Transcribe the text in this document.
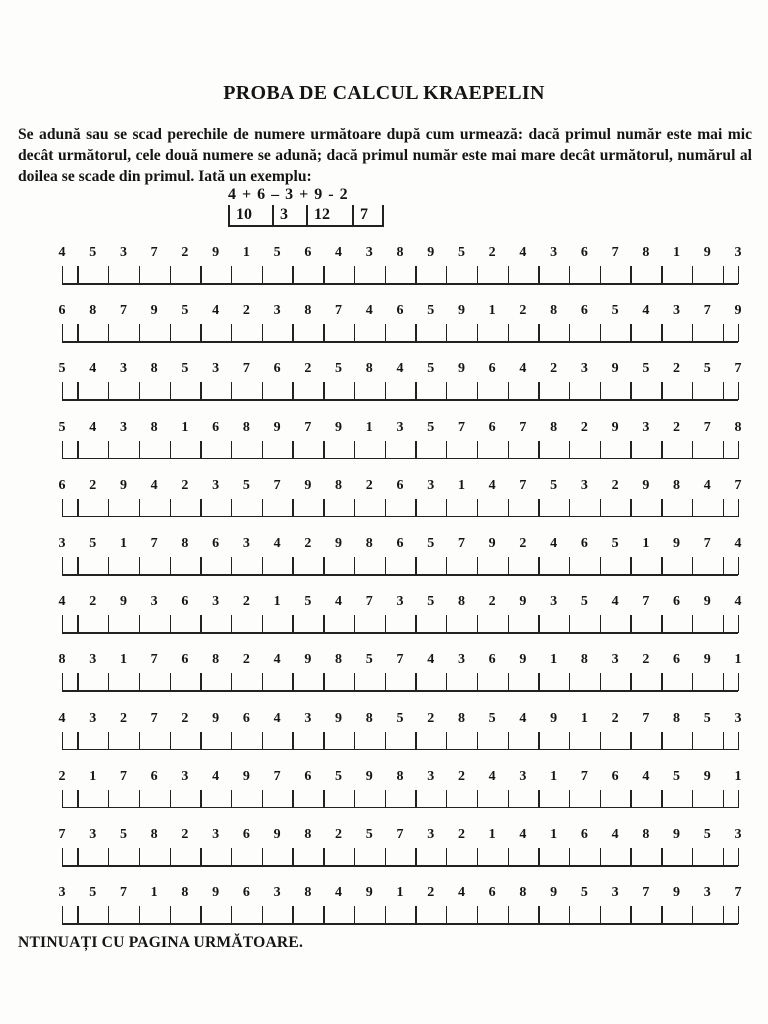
PROBA DE CALCUL KRAEPELIN
Se adună sau se scad perechile de numere următoare după cum urmează: dacă primul număr este mai mic decât următorul, cele două numere se adună; dacă primul număr este mai mare decât următorul, numărul al doilea se scade din primul. Iată un exemplu:
4 + 6 – 3 + 9 - 2
10	3	12	7
4	5	3	7	2	9	1	5	6	4	3	8	9	5	2	4	3	6	7	8	1	9	3
6	8	7	9	5	4	2	3	8	7	4	6	5	9	1	2	8	6	5	4	3	7	9
5	4	3	8	5	3	7	6	2	5	8	4	5	9	6	4	2	3	9	5	2	5	7
5	4	3	8	1	6	8	9	7	9	1	3	5	7	6	7	8	2	9	3	2	7	8
6	2	9	4	2	3	5	7	9	8	2	6	3	1	4	7	5	3	2	9	8	4	7
3	5	1	7	8	6	3	4	2	9	8	6	5	7	9	2	4	6	5	1	9	7	4
4	2	9	3	6	3	2	1	5	4	7	3	5	8	2	9	3	5	4	7	6	9	4
8	3	1	7	6	8	2	4	9	8	5	7	4	3	6	9	1	8	3	2	6	9	1
4	3	2	7	2	9	6	4	3	9	8	5	2	8	5	4	9	1	2	7	8	5	3
2	1	7	6	3	4	9	7	6	5	9	8	3	2	4	3	1	7	6	4	5	9	1
7	3	5	8	2	3	6	9	8	2	5	7	3	2	1	4	1	6	4	8	9	5	3
3	5	7	1	8	9	6	3	8	4	9	1	2	4	6	8	9	5	3	7	9	3	7
NTINUAȚI CU PAGINA URMĂTOARE.
